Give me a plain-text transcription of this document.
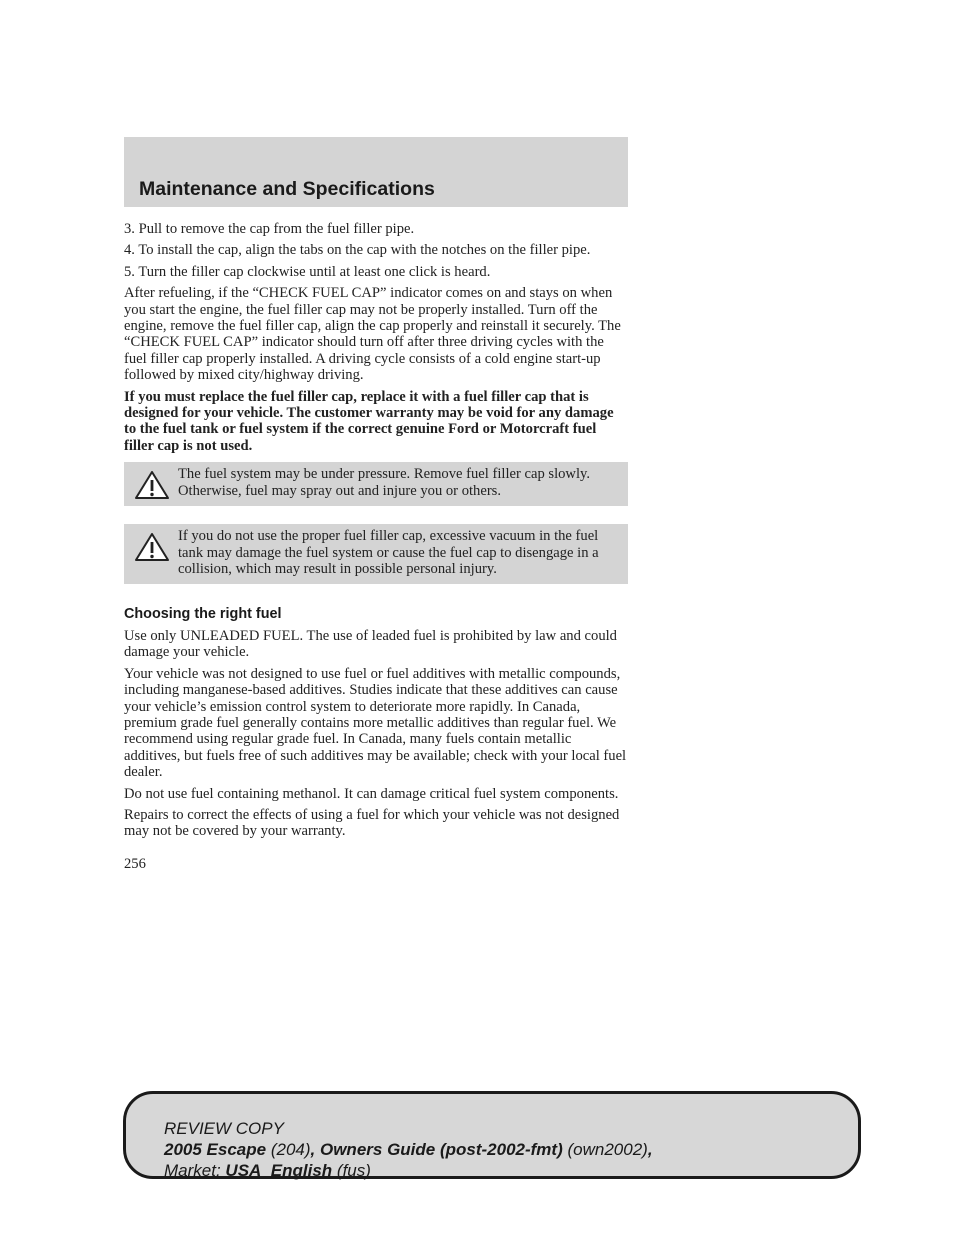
Maintenance and Specifications

3. Pull to remove the cap from the fuel filler pipe.

4. To install the cap, align the tabs on the cap with the notches on the filler pipe.

5. Turn the filler cap clockwise until at least one click is heard.

After refueling, if the “CHECK FUEL CAP” indicator comes on and stays on when you start the engine, the fuel filler cap may not be properly installed. Turn off the engine, remove the fuel filler cap, align the cap properly and reinstall it securely. The “CHECK FUEL CAP” indicator should turn off after three driving cycles with the fuel filler cap properly installed. A driving cycle consists of a cold engine start-up followed by mixed city/highway driving.

If you must replace the fuel filler cap, replace it with a fuel filler cap that is designed for your vehicle. The customer warranty may be void for any damage to the fuel tank or fuel system if the correct genuine Ford or Motorcraft fuel filler cap is not used.

The fuel system may be under pressure. Remove fuel filler cap slowly. Otherwise, fuel may spray out and injure you or others.

If you do not use the proper fuel filler cap, excessive vacuum in the fuel tank may damage the fuel system or cause the fuel cap to disengage in a collision, which may result in possible personal injury.

Choosing the right fuel

Use only UNLEADED FUEL. The use of leaded fuel is prohibited by law and could damage your vehicle.

Your vehicle was not designed to use fuel or fuel additives with metallic compounds, including manganese-based additives. Studies indicate that these additives can cause your vehicle’s emission control system to deteriorate more rapidly. In Canada, premium grade fuel generally contains more metallic additives than regular fuel. We recommend using regular grade fuel. In Canada, many fuels contain metallic additives, but fuels free of such additives may be available; check with your local fuel dealer.

Do not use fuel containing methanol. It can damage critical fuel system components.

Repairs to correct the effects of using a fuel for which your vehicle was not designed may not be covered by your warranty.

256
REVIEW COPY
2005 Escape (204), Owners Guide (post-2002-fmt) (own2002),
Market: USA_English (fus)
